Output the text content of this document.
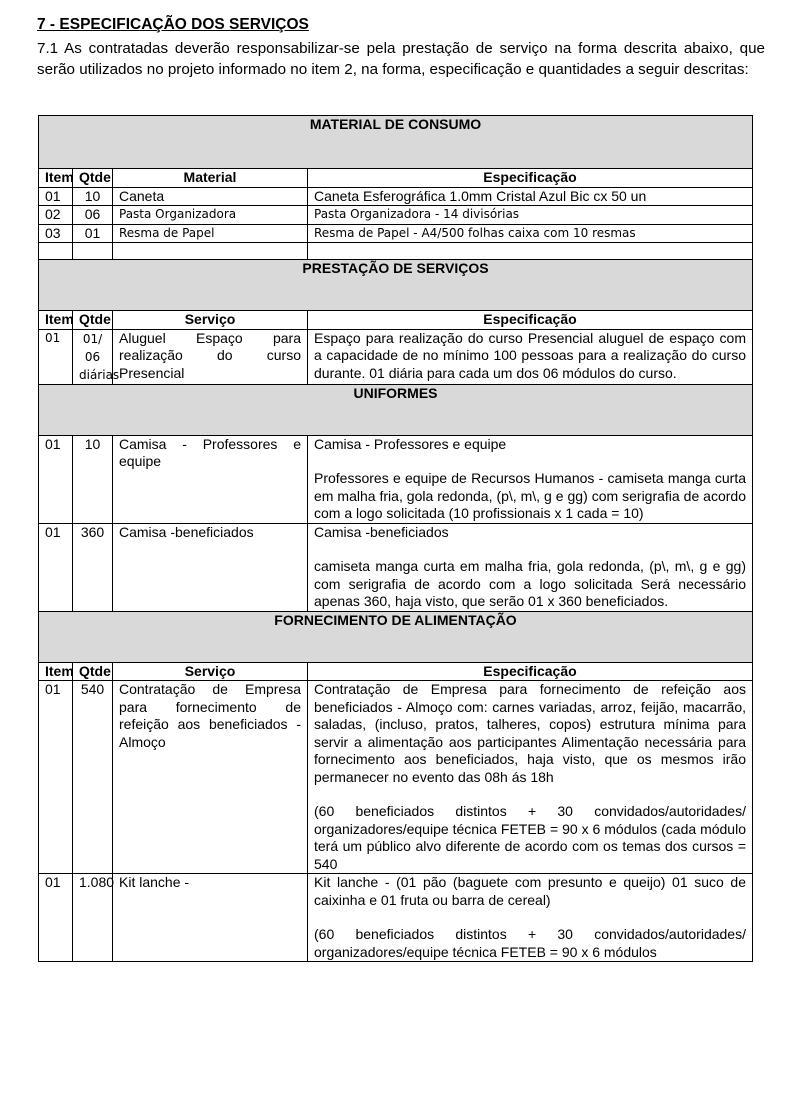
7 - ESPECIFICAÇÃO DOS SERVIÇOS
7.1 As contratadas deverão responsabilizar-se pela prestação de serviço na forma descrita abaixo, que serão utilizados no projeto informado no item 2, na forma, especificação e quantidades a seguir descritas:
MATERIAL DE CONSUMO			
Item	Qtde	Material	Especificação
01	10	Caneta	Caneta Esferográfica 1.0mm Cristal Azul Bic cx 50 un
02	06	Pasta Organizadora	Pasta Organizadora - 14 divisórias
03	01	Resma de Papel	Resma de Papel - A4/500 folhas caixa com 10 resmas

PRESTAÇÃO DE SERVIÇOS			
Item	Qtde	Serviço	Especificação
01	01/ 06 diárias	Aluguel Espaço para realização do curso Presencial	Espaço para realização do curso Presencial aluguel de espaço com a capacidade de no mínimo 100 pessoas para a realização do curso durante. 01 diária para cada um dos 06 módulos do curso.
UNIFORMES			
01	10	Camisa - Professores e equipe	Camisa - Professores e equipe
Professores e equipe de Recursos Humanos - camiseta manga curta em malha fria, gola redonda, (p\, m\, g e gg) com serigrafia de acordo com a logo solicitada (10 profissionais x 1 cada = 10)

01	360	Camisa -beneficiados	Camisa -beneficiados
camiseta manga curta em malha fria, gola redonda, (p\, m\, g e gg) com serigrafia de acordo com a logo solicitada Será necessário apenas 360, haja visto, que serão 01 x 360 beneficiados.

FORNECIMENTO DE ALIMENTAÇÃO			
Item	Qtde	Serviço	Especificação
01	540	Contratação de Empresa para fornecimento de refeição aos beneficiados - Almoço	Contratação de Empresa para fornecimento de refeição aos beneficiados - Almoço com: carnes variadas, arroz, feijão, macarrão, saladas, (incluso, pratos, talheres, copos) estrutura mínima para servir a alimentação aos participantes Alimentação necessária para fornecimento aos beneficiados, haja visto, que os mesmos irão permanecer no evento das 08h ás 18h
(60 beneficiados distintos + 30 convidados/autoridades/ organizadores/equipe técnica FETEB = 90 x 6 módulos (cada módulo terá um público alvo diferente de acordo com os temas dos cursos = 540

01	1.080	Kit lanche -	Kit lanche - (01 pão (baguete com presunto e queijo) 01 suco de caixinha e 01 fruta ou barra de cereal)
(60 beneficiados distintos + 30 convidados/autoridades/ organizadores/equipe técnica FETEB = 90 x 6 módulos
